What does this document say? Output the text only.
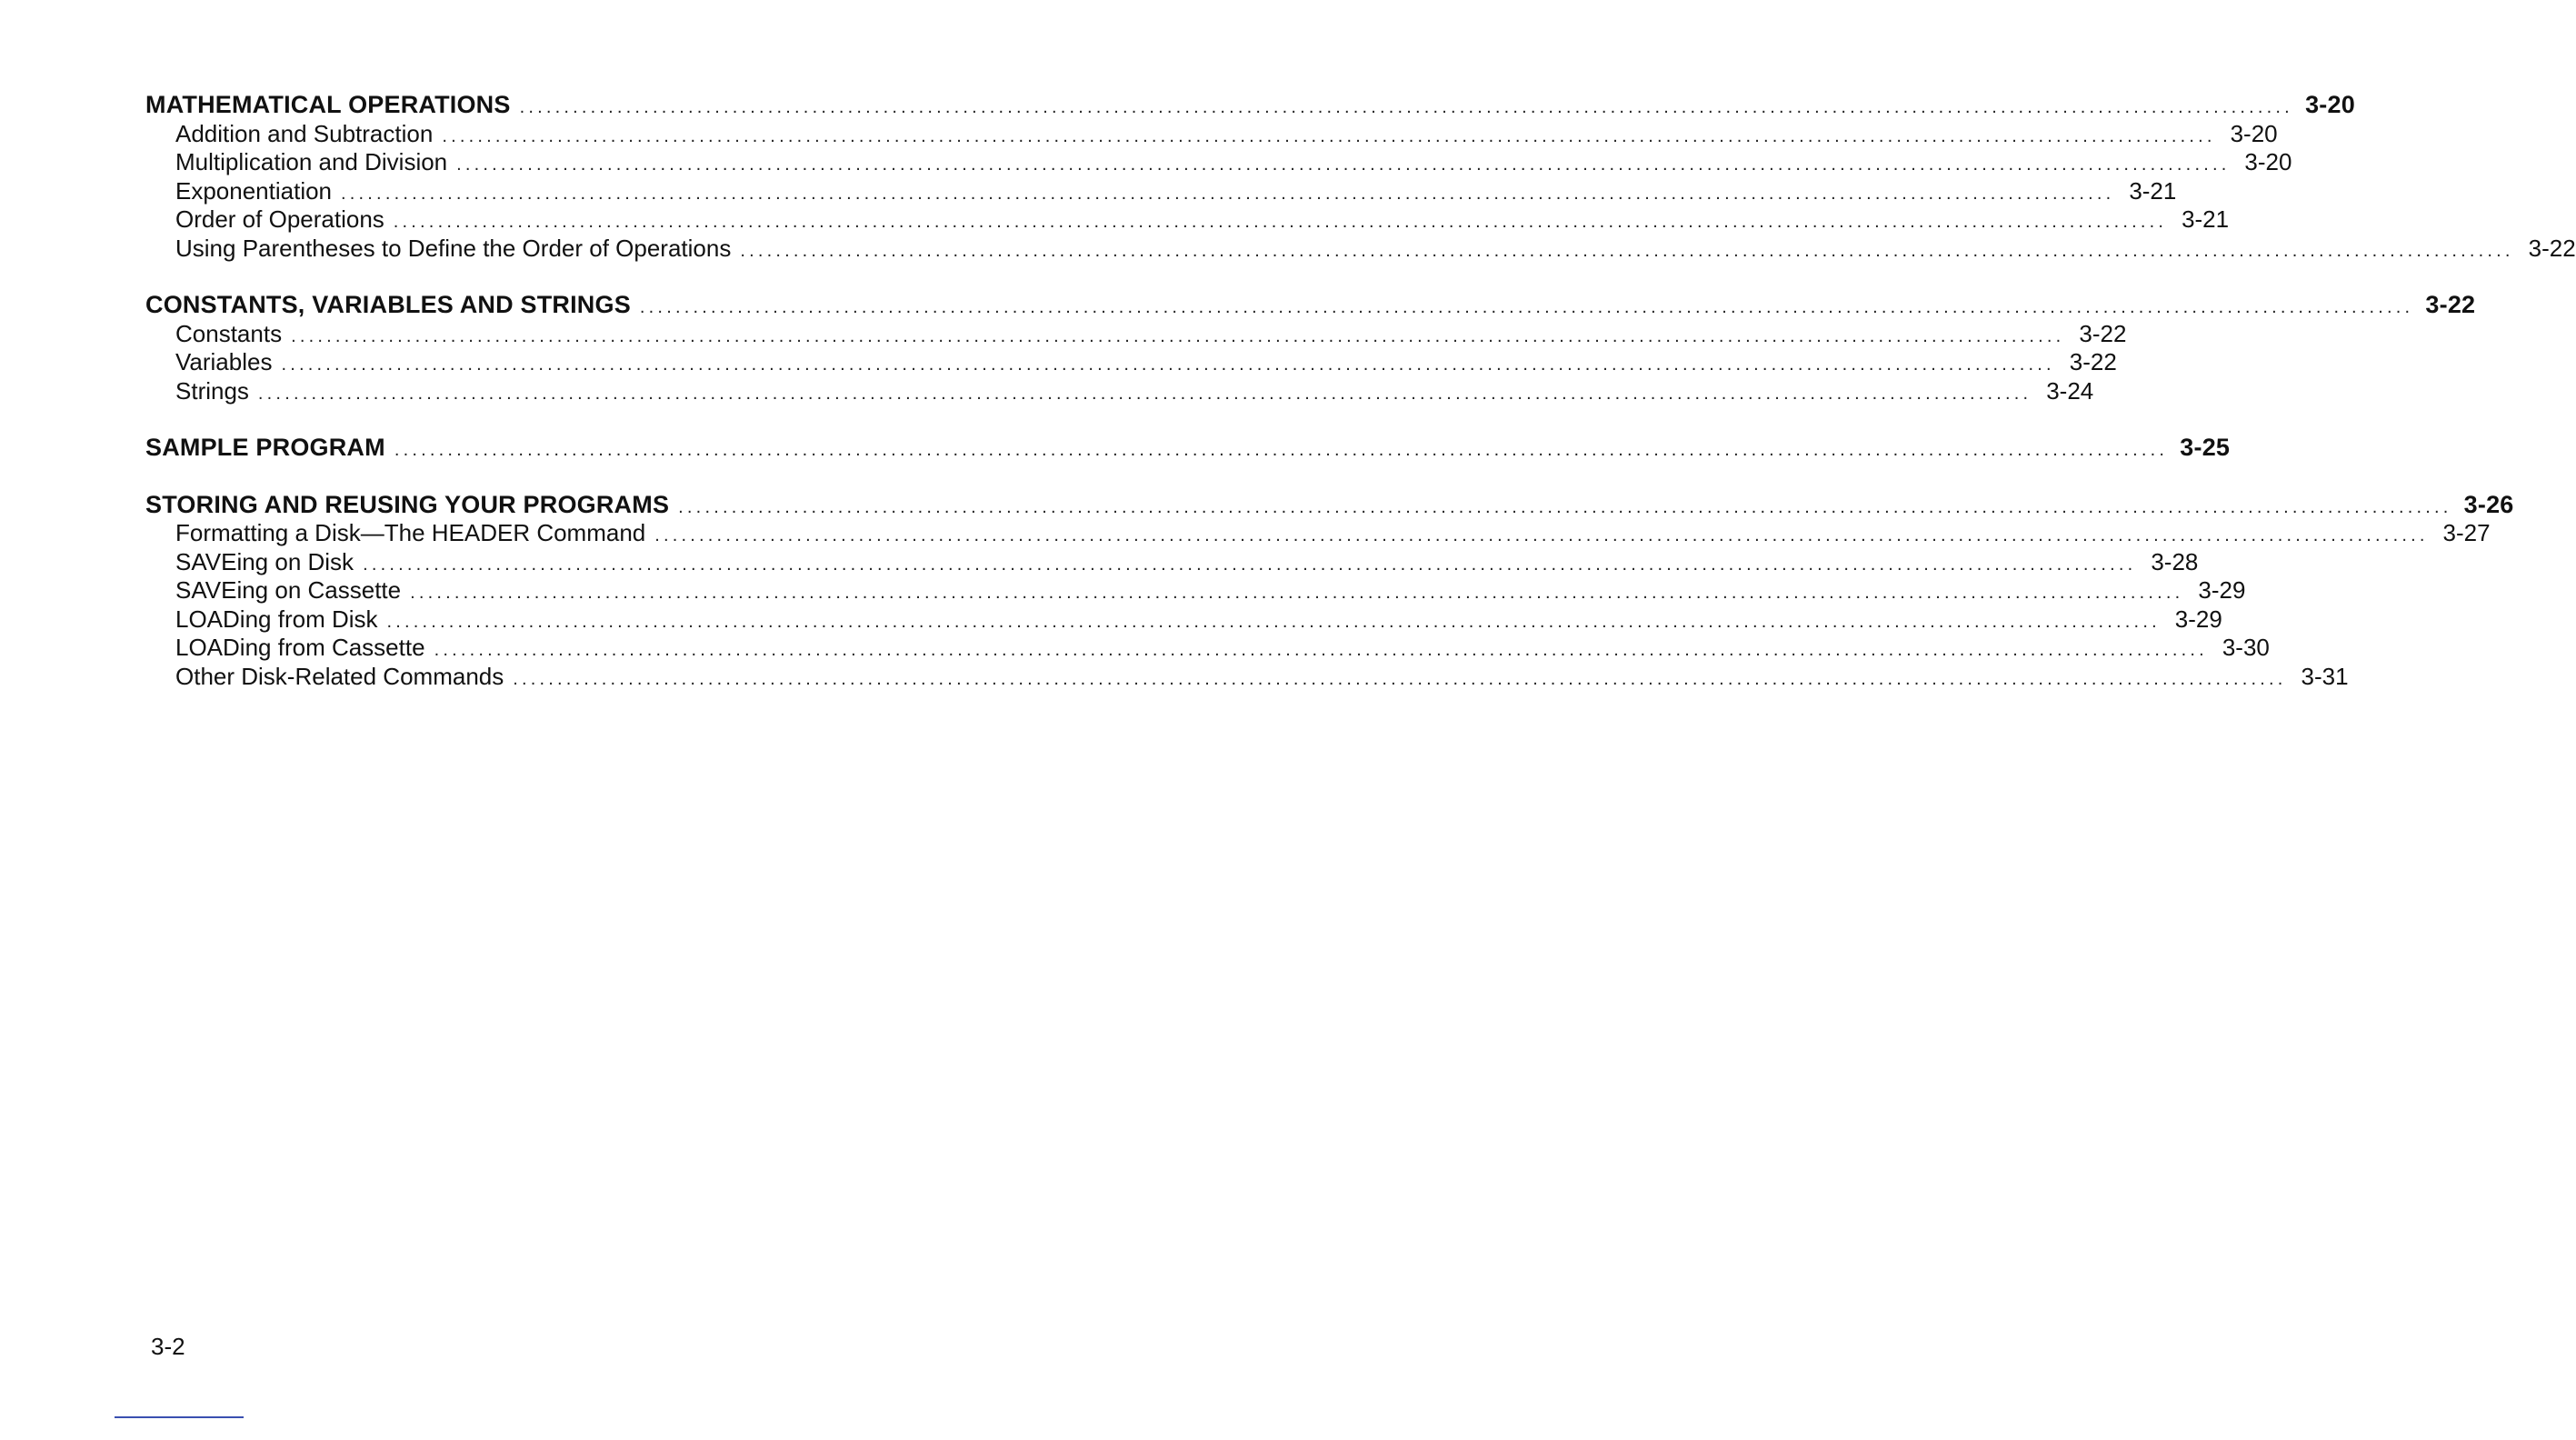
MATHEMATICAL OPERATIONS ........................................................................................................................................................................................................ 3-20
Addition and Subtraction ........................................................................................................................................................................................................ 3-20
Multiplication and Division ........................................................................................................................................................................................................ 3-20
Exponentiation ........................................................................................................................................................................................................ 3-21
Order of Operations ........................................................................................................................................................................................................ 3-21
Using Parentheses to Define the Order of Operations ........................................................................................................................................................................................................ 3-22
CONSTANTS, VARIABLES AND STRINGS ........................................................................................................................................................................................................ 3-22
Constants ........................................................................................................................................................................................................ 3-22
Variables ........................................................................................................................................................................................................ 3-22
Strings ........................................................................................................................................................................................................ 3-24
SAMPLE PROGRAM ........................................................................................................................................................................................................ 3-25
STORING AND REUSING YOUR PROGRAMS ........................................................................................................................................................................................................ 3-26
Formatting a Disk—The HEADER Command ........................................................................................................................................................................................................ 3-27
SAVEing on Disk ........................................................................................................................................................................................................ 3-28
SAVEing on Cassette ........................................................................................................................................................................................................ 3-29
LOADing from Disk ........................................................................................................................................................................................................ 3-29
LOADing from Cassette ........................................................................................................................................................................................................ 3-30
Other Disk-Related Commands ........................................................................................................................................................................................................ 3-31
3-2
